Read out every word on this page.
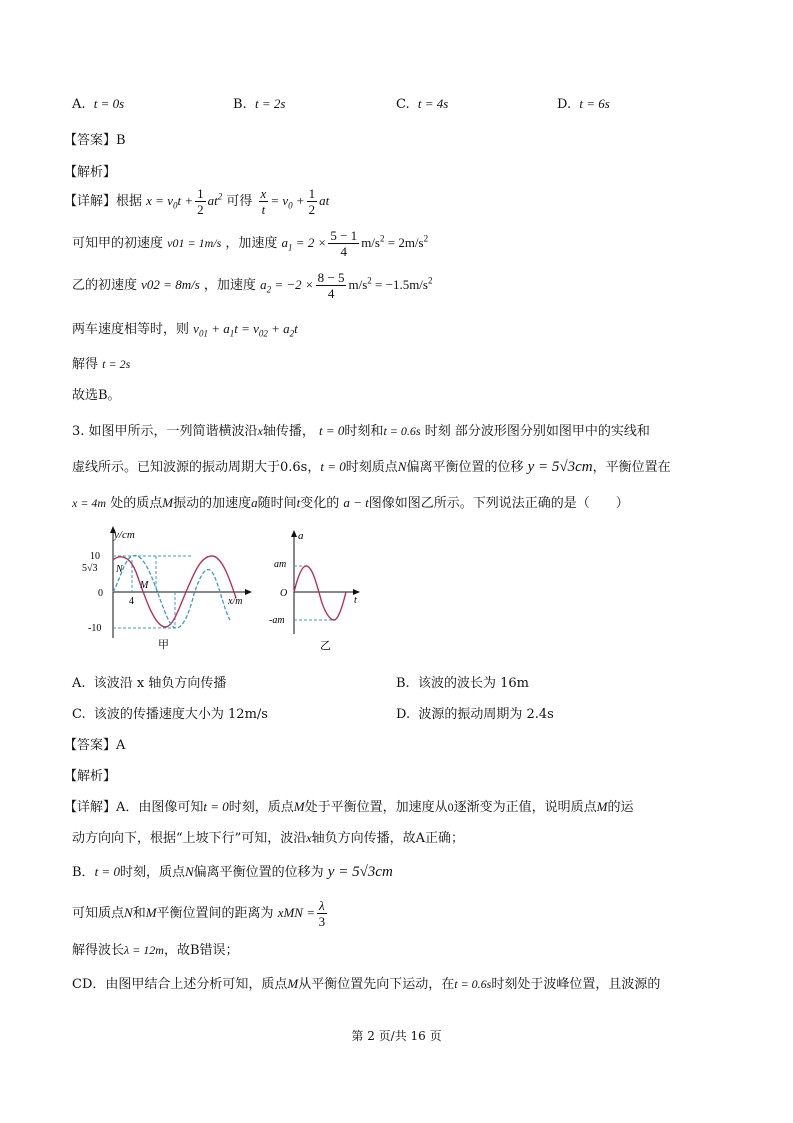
A. t = 0s	B. t = 2s	C. t = 4s	D. t = 6s
【答案】B
【解析】
【详解】根据 $x = v_0t + \frac{1}{2} at^2$ 可得 $\frac{x}{t} = v_0 + \frac{1}{2}$ at
可知甲的初速度 v01 = 1m/s ，加速度 $a_1 = 2 \times \frac{5 - 1}{4} m/s^2 = 2m/s^2$
乙的初速度 v02 = 8m/s ，加速度 $a_2 = -2 \times \frac{8 - 5}{4} m/s^2 = -1.5m/s^2$
两车速度相等时，则 $v_{01} + a_1t = v_{02} + a_2t$
解得 t = 2s
故选B。
3. 如图甲所示，一列简谐横波沿x轴传播， t = 0时刻和t = 0.6s 时刻 部分波形图分别如图甲中的实线和
虚线所示。已知波源的振动周期大于0.6s，t = 0时刻质点N偏离平衡位置的位移 y = 5√3cm，平衡位置在
x = 4m 处的质点M振动的加速度a随时间t变化的 a − t图像如图乙所示。下列说法正确的是（　　）
y/cm
10
5√3 N
M
0
4	x/m
-10
甲
a
am
O
-am
t
乙
A. 该波沿 x 轴负方向传播	B. 该波的波长为 16m
C. 该波的传播速度大小为 12m/s	D. 波源的振动周期为 2.4s
【答案】A
【解析】
【详解】A．由图像可知t = 0时刻，质点M处于平衡位置，加速度从0逐渐变为正值，说明质点M的运
动方向向下，根据“上坡下行”可知，波沿x轴负方向传播，故A正确；
B．t = 0时刻，质点N偏离平衡位置的位移为 y = 5√3cm
可知质点N和M平衡位置间的距离为 xMN = $\frac{\lambda}{3}$
解得波长λ = 12m，故B错误；
CD．由图甲结合上述分析可知，质点M从平衡位置先向下运动，在t = 0.6s时刻处于波峰位置，且波源的
第 2 页/共 16 页
